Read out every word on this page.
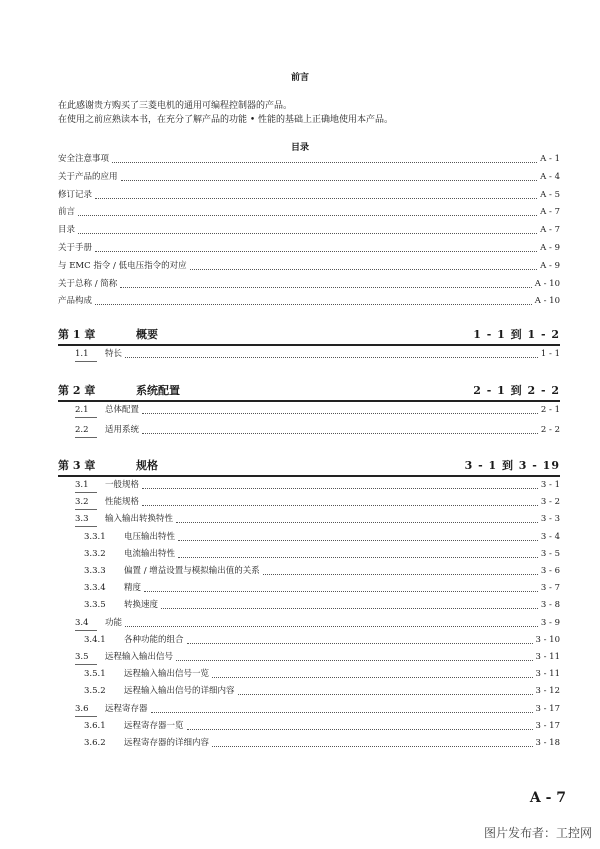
前言
在此感谢贵方购买了三菱电机的通用可编程控制器的产品。
在使用之前应熟读本书，在充分了解产品的功能 • 性能的基础上正确地使用本产品。
目录
安全注意事项	A - 1
关于产品的应用	A - 4
修订记录	A - 5
前言	A - 7
目录	A - 7
关于手册	A - 9
与 EMC 指令 / 低电压指令的对应	A - 9
关于总称 / 简称	A - 10
产品构成	A - 10
第 1 章	概要	1 - 1 到 1 - 2
1.1	特长	1 - 1
第 2 章	系统配置	2 - 1 到 2 - 2
2.1	总体配置	2 - 1
2.2	适用系统	2 - 2
第 3 章	规格	3 - 1 到 3 - 19
3.1	一般规格	3 - 1
3.2	性能规格	3 - 2
3.3	输入输出转换特性	3 - 3
3.3.1	电压输出特性	3 - 4
3.3.2	电流输出特性	3 - 5
3.3.3	偏置 / 增益设置与模拟输出值的关系	3 - 6
3.3.4	精度	3 - 7
3.3.5	转换速度	3 - 8
3.4	功能	3 - 9
3.4.1	各种功能的组合	3 - 10
3.5	远程输入输出信号	3 - 11
3.5.1	远程输入输出信号一览	3 - 11
3.5.2	远程输入输出信号的详细内容	3 - 12
3.6	远程寄存器	3 - 17
3.6.1	远程寄存器一览	3 - 17
3.6.2	远程寄存器的详细内容	3 - 18
A - 7
图片发布者：工控网
